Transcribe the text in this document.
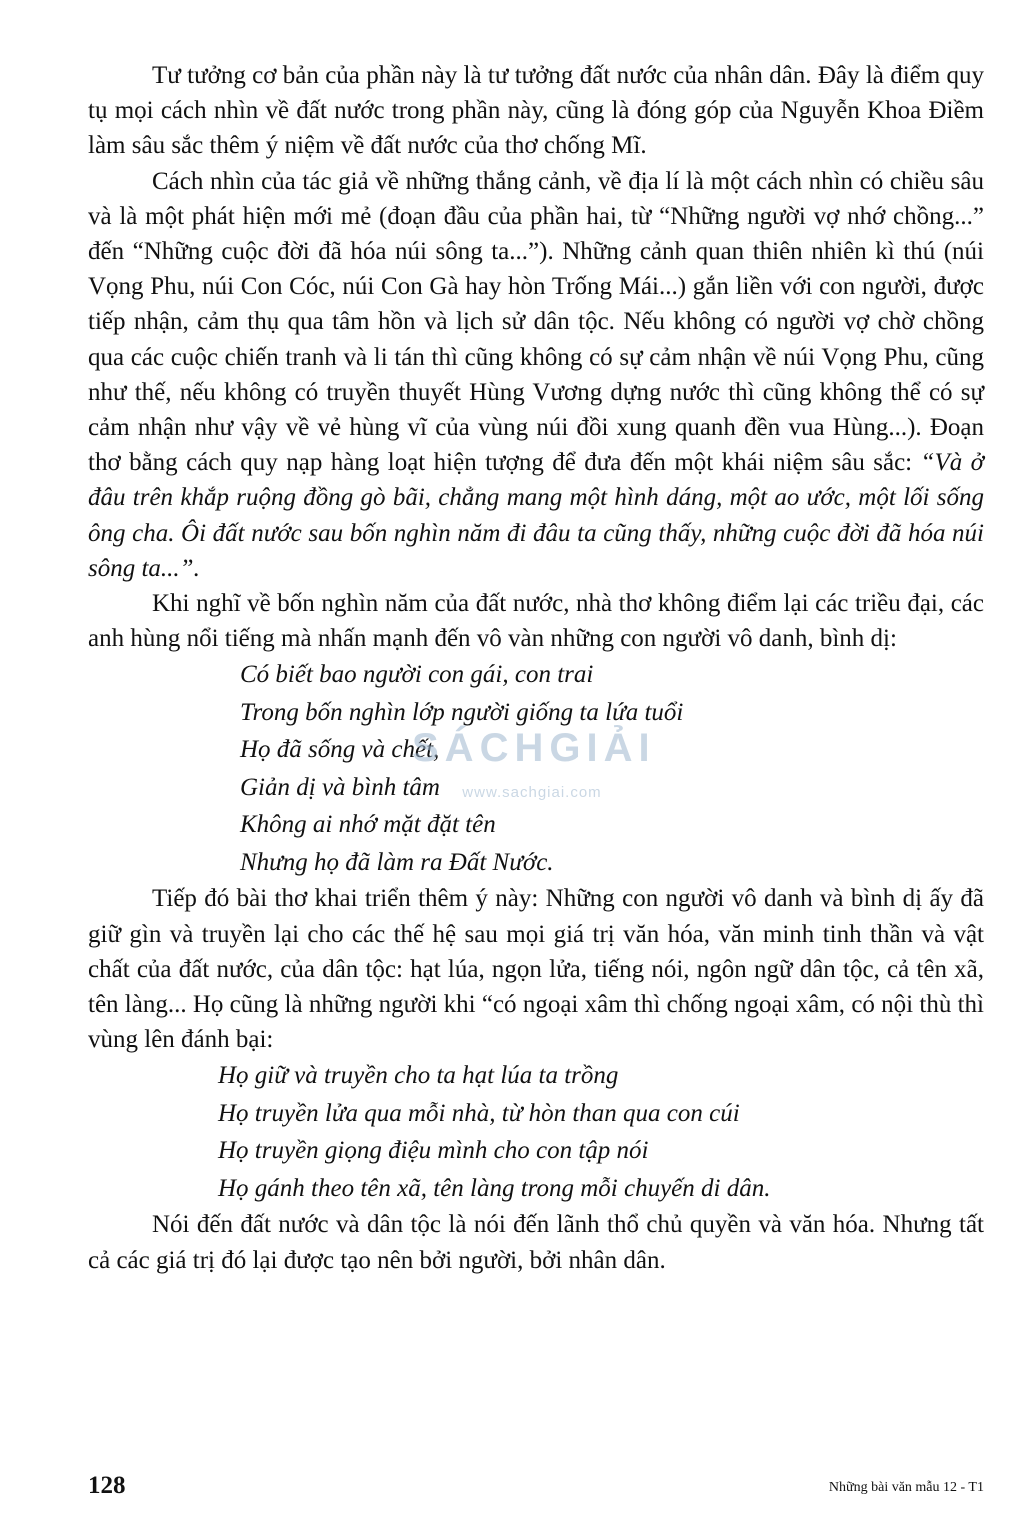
Tư tưởng cơ bản của phần này là tư tưởng đất nước của nhân dân. Đây là điểm quy tụ mọi cách nhìn về đất nước trong phần này, cũng là đóng góp của Nguyễn Khoa Điềm làm sâu sắc thêm ý niệm về đất nước của thơ chống Mĩ.

Cách nhìn của tác giả về những thắng cảnh, về địa lí là một cách nhìn có chiều sâu và là một phát hiện mới mẻ (đoạn đầu của phần hai, từ “Những người vợ nhớ chồng...” đến “Những cuộc đời đã hóa núi sông ta...”). Những cảnh quan thiên nhiên kì thú (núi Vọng Phu, núi Con Cóc, núi Con Gà hay hòn Trống Mái...) gắn liền với con người, được tiếp nhận, cảm thụ qua tâm hồn và lịch sử dân tộc. Nếu không có người vợ chờ chồng qua các cuộc chiến tranh và li tán thì cũng không có sự cảm nhận về núi Vọng Phu, cũng như thế, nếu không có truyền thuyết Hùng Vương dựng nước thì cũng không thể có sự cảm nhận như vậy về vẻ hùng vĩ của vùng núi đồi xung quanh đền vua Hùng...). Đoạn thơ bằng cách quy nạp hàng loạt hiện tượng để đưa đến một khái niệm sâu sắc: “Và ở đâu trên khắp ruộng đồng gò bãi, chẳng mang một hình dáng, một ao ước, một lối sống ông cha. Ôi đất nước sau bốn nghìn năm đi đâu ta cũng thấy, những cuộc đời đã hóa núi sông ta...”.

Khi nghĩ về bốn nghìn năm của đất nước, nhà thơ không điểm lại các triều đại, các anh hùng nổi tiếng mà nhấn mạnh đến vô vàn những con người vô danh, bình dị:

Có biết bao người con gái, con trai
Trong bốn nghìn lớp người giống ta lứa tuổi
Họ đã sống và chết,
Giản dị và bình tâm
Không ai nhớ mặt đặt tên
Nhưng họ đã làm ra Đất Nước.

Tiếp đó bài thơ khai triển thêm ý này: Những con người vô danh và bình dị ấy đã giữ gìn và truyền lại cho các thế hệ sau mọi giá trị văn hóa, văn minh tinh thần và vật chất của đất nước, của dân tộc: hạt lúa, ngọn lửa, tiếng nói, ngôn ngữ dân tộc, cả tên xã, tên làng... Họ cũng là những người khi “có ngoại xâm thì chống ngoại xâm, có nội thù thì vùng lên đánh bại:

Họ giữ và truyền cho ta hạt lúa ta trồng
Họ truyền lửa qua mỗi nhà, từ hòn than qua con cúi
Họ truyền giọng điệu mình cho con tập nói
Họ gánh theo tên xã, tên làng trong mỗi chuyến di dân.

Nói đến đất nước và dân tộc là nói đến lãnh thổ chủ quyền và văn hóa. Nhưng tất cả các giá trị đó lại được tạo nên bởi người, bởi nhân dân.

SÁCHGIẢI
www.sachgiai.com
128	Những bài văn mẫu 12 - T1
